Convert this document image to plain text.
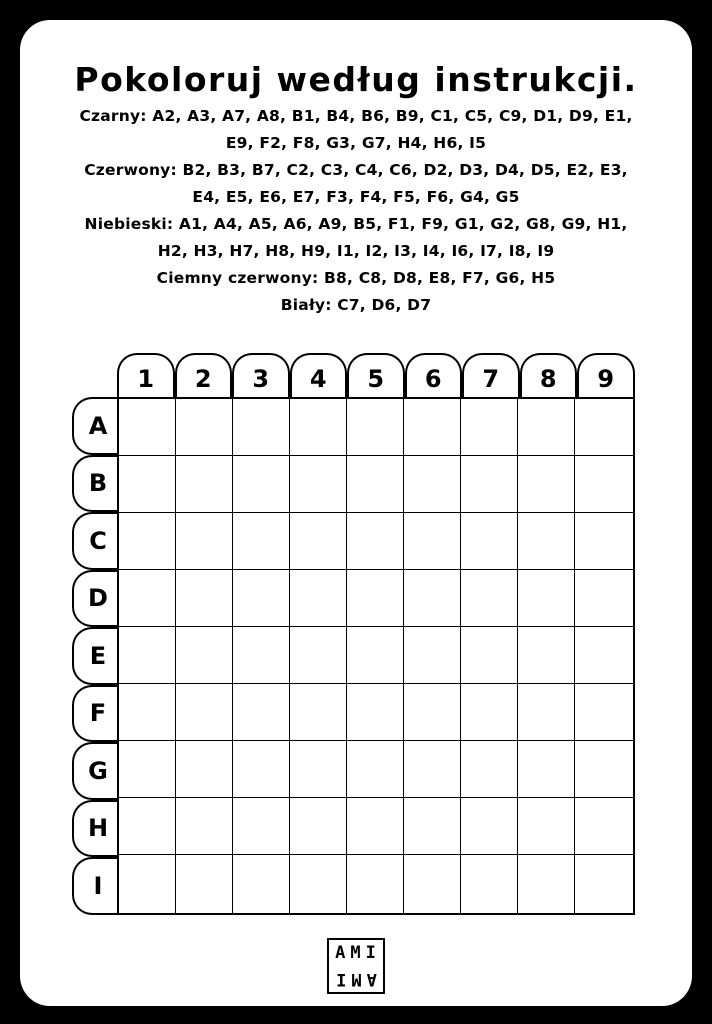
Pokoloruj według instrukcji.
Czarny: A2, A3, A7, A8, B1, B4, B6, B9, C1, C5, C9, D1, D9, E1,
E9, F2, F8, G3, G7, H4, H6, I5
Czerwony: B2, B3, B7, C2, C3, C4, C6, D2, D3, D4, D5, E2, E3,
E4, E5, E6, E7, F3, F4, F5, F6, G4, G5
Niebieski: A1, A4, A5, A6, A9, B5, F1, F9, G1, G2, G8, G9, H1,
H2, H3, H7, H8, H9, I1, I2, I3, I4, I6, I7, I8, I9
Ciemny czerwony: B8, C8, D8, E8, F7, G6, H5
Biały: C7, D6, D7
1	2	3	4	5	6	7	8	9
A
B
C
D
E
F
G
H
I
AMI
AMI
